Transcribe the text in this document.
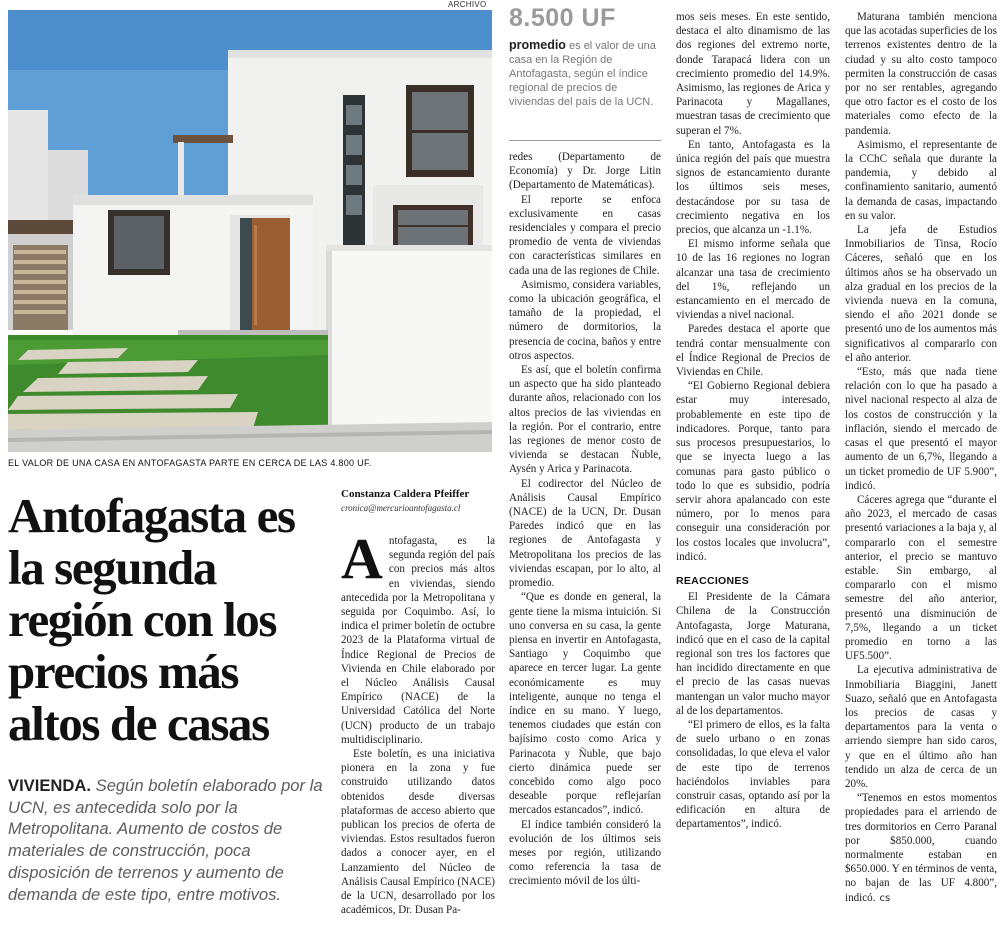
ARCHIVO
EL VALOR DE UNA CASA EN ANTOFAGASTA PARTE EN CERCA DE LAS 4.800 UF.
Antofagasta es la segunda región con los precios más altos de casas

VIVIENDA. Según boletín elaborado por la UCN, es antecedida solo por la Metropolitana. Aumento de costos de materiales de construcción, poca disposición de terrenos y aumento de demanda de este tipo, entre motivos.

Constanza Caldera Pfeiffer
cronica@mercurioantofagasta.cl
8.500 UF
promedio es el valor de una casa en la Región de Antofagasta, según el índice regional de precios de viviendas del país de la UCN.
A ntofagasta, es la segunda región del país con precios más altos en viviendas, siendo antecedida por la Metropolitana y seguida por Coquimbo. Así, lo indica el primer boletín de octubre 2023 de la Plataforma virtual de Índice Regional de Precios de Vivienda en Chile elaborado por el Núcleo Análisis Causal Empírico (NACE) de la Universidad Católica del Norte (UCN) producto de un trabajo multidisciplinario.

Este boletín, es una iniciativa pionera en la zona y fue construido utilizando datos obtenidos desde diversas plataformas de acceso abierto que publican los precios de oferta de viviendas. Estos resultados fueron dados a conocer ayer, en el Lanzamiento del Núcleo de Análisis Causal Empírico (NACE) de la UCN, desarrollado por los académicos, Dr. Dusan Pa-

redes (Departamento de Economía) y Dr. Jorge Litin (Departamento de Matemáticas).

El reporte se enfoca exclusivamente en casas residenciales y compara el precio promedio de venta de viviendas con características similares en cada una de las regiones de Chile.

Asimismo, considera variables, como la ubicación geográfica, el tamaño de la propiedad, el número de dormitorios, la presencia de cocina, baños y entre otros aspectos.

Es así, que el boletín confirma un aspecto que ha sido planteado durante años, relacionado con los altos precios de las viviendas en la región. Por el contrario, entre las regiones de menor costo de vivienda se destacan Ñuble, Aysén y Arica y Parinacota.

El codirector del Núcleo de Análisis Causal Empírico (NACE) de la UCN, Dr. Dusan Paredes indicó que en las regiones de Antofagasta y Metropolitana los precios de las viviendas escapan, por lo alto, al promedio.

“Que es donde en general, la gente tiene la misma intuición. Si uno conversa en su casa, la gente piensa en invertir en Antofagasta, Santiago y Coquimbo que aparece en tercer lugar. La gente económicamente es muy inteligente, aunque no tenga el índice en su mano. Y luego, tenemos ciudades que están con bajísimo costo como Arica y Parinacota y Ñuble, que bajo cierto dinámica puede ser concebido como algo poco deseable porque reflejarían mercados estancados”, indicó.

El índice también consideró la evolución de los últimos seis meses por región, utilizando como referencia la tasa de crecimiento móvil de los últi-

mos seis meses. En este sentido, destaca el alto dinamismo de las dos regiones del extremo norte, donde Tarapacá lidera con un crecimiento promedio del 14.9%. Asimismo, las regiones de Arica y Parinacota y Magallanes, muestran tasas de crecimiento que superan el 7%.

En tanto, Antofagasta es la única región del país que muestra signos de estancamiento durante los últimos seis meses, destacándose por su tasa de crecimiento negativa en los precios, que alcanza un -1.1%.

El mismo informe señala que 10 de las 16 regiones no logran alcanzar una tasa de crecimiento del 1%, reflejando un estancamiento en el mercado de viviendas a nivel nacional.

Paredes destaca el aporte que tendrá contar mensualmente con el Índice Regional de Precios de Viviendas en Chile.

“El Gobierno Regional debiera estar muy interesado, probablemente en este tipo de indicadores. Porque, tanto para sus procesos presupuestarios, lo que se inyecta luego a las comunas para gasto público o todo lo que es subsidio, podría servir ahora apalancado con este número, por lo menos para conseguir una consideración por los costos locales que involucra”, indicó.

REACCIONES

El Presidente de la Cámara Chilena de la Construcción Antofagasta, Jorge Maturana, indicó que en el caso de la capital regional son tres los factores que han incidido directamente en que el precio de las casas nuevas mantengan un valor mucho mayor al de los departamentos.

“El primero de ellos, es la falta de suelo urbano o en zonas consolidadas, lo que eleva el valor de este tipo de terrenos haciéndolos inviables para construir casas, optando así por la edificación en altura de departamentos”, indicó.

Maturana también menciona que las acotadas superficies de los terrenos existentes dentro de la ciudad y su alto costo tampoco permiten la construcción de casas por no ser rentables, agregando que otro factor es el costo de los materiales como efecto de la pandemia.

Asimismo, el representante de la CChC señala que durante la pandemia, y debido al confinamiento sanitario, aumentó la demanda de casas, impactando en su valor.

La jefa de Estudios Inmobiliarios de Tinsa, Rocío Cáceres, señaló que en los últimos años se ha observado un alza gradual en los precios de la vivienda nueva en la comuna, siendo el año 2021 donde se presentó uno de los aumentos más significativos al compararlo con el año anterior.

“Esto, más que nada tiene relación con lo que ha pasado a nivel nacional respecto al alza de los costos de construcción y la inflación, siendo el mercado de casas el que presentó el mayor aumento de un 6,7%, llegando a un ticket promedio de UF 5.900”, indicó.

Cáceres agrega que “durante el año 2023, el mercado de casas presentó variaciones a la baja y, al compararlo con el semestre anterior, el precio se mantuvo estable. Sin embargo, al compararlo con el mismo semestre del año anterior, presentó una disminución de 7,5%, llegando a un ticket promedio en torno a las UF5.500”.

La ejecutiva administrativa de Inmobiliaria Biaggini, Janett Suazo, señaló que en Antofagasta los precios de casas y departamentos para la venta o arriendo siempre han sido caros, y que en el último año han tendido un alza de cerca de un 20%.

“Tenemos en estos momentos propiedades para el arriendo de tres dormitorios en Cerro Paranal por $850.000, cuando normalmente estaban en $650.000. Y en términos de venta, no bajan de las UF 4.800”, indicó. cs
